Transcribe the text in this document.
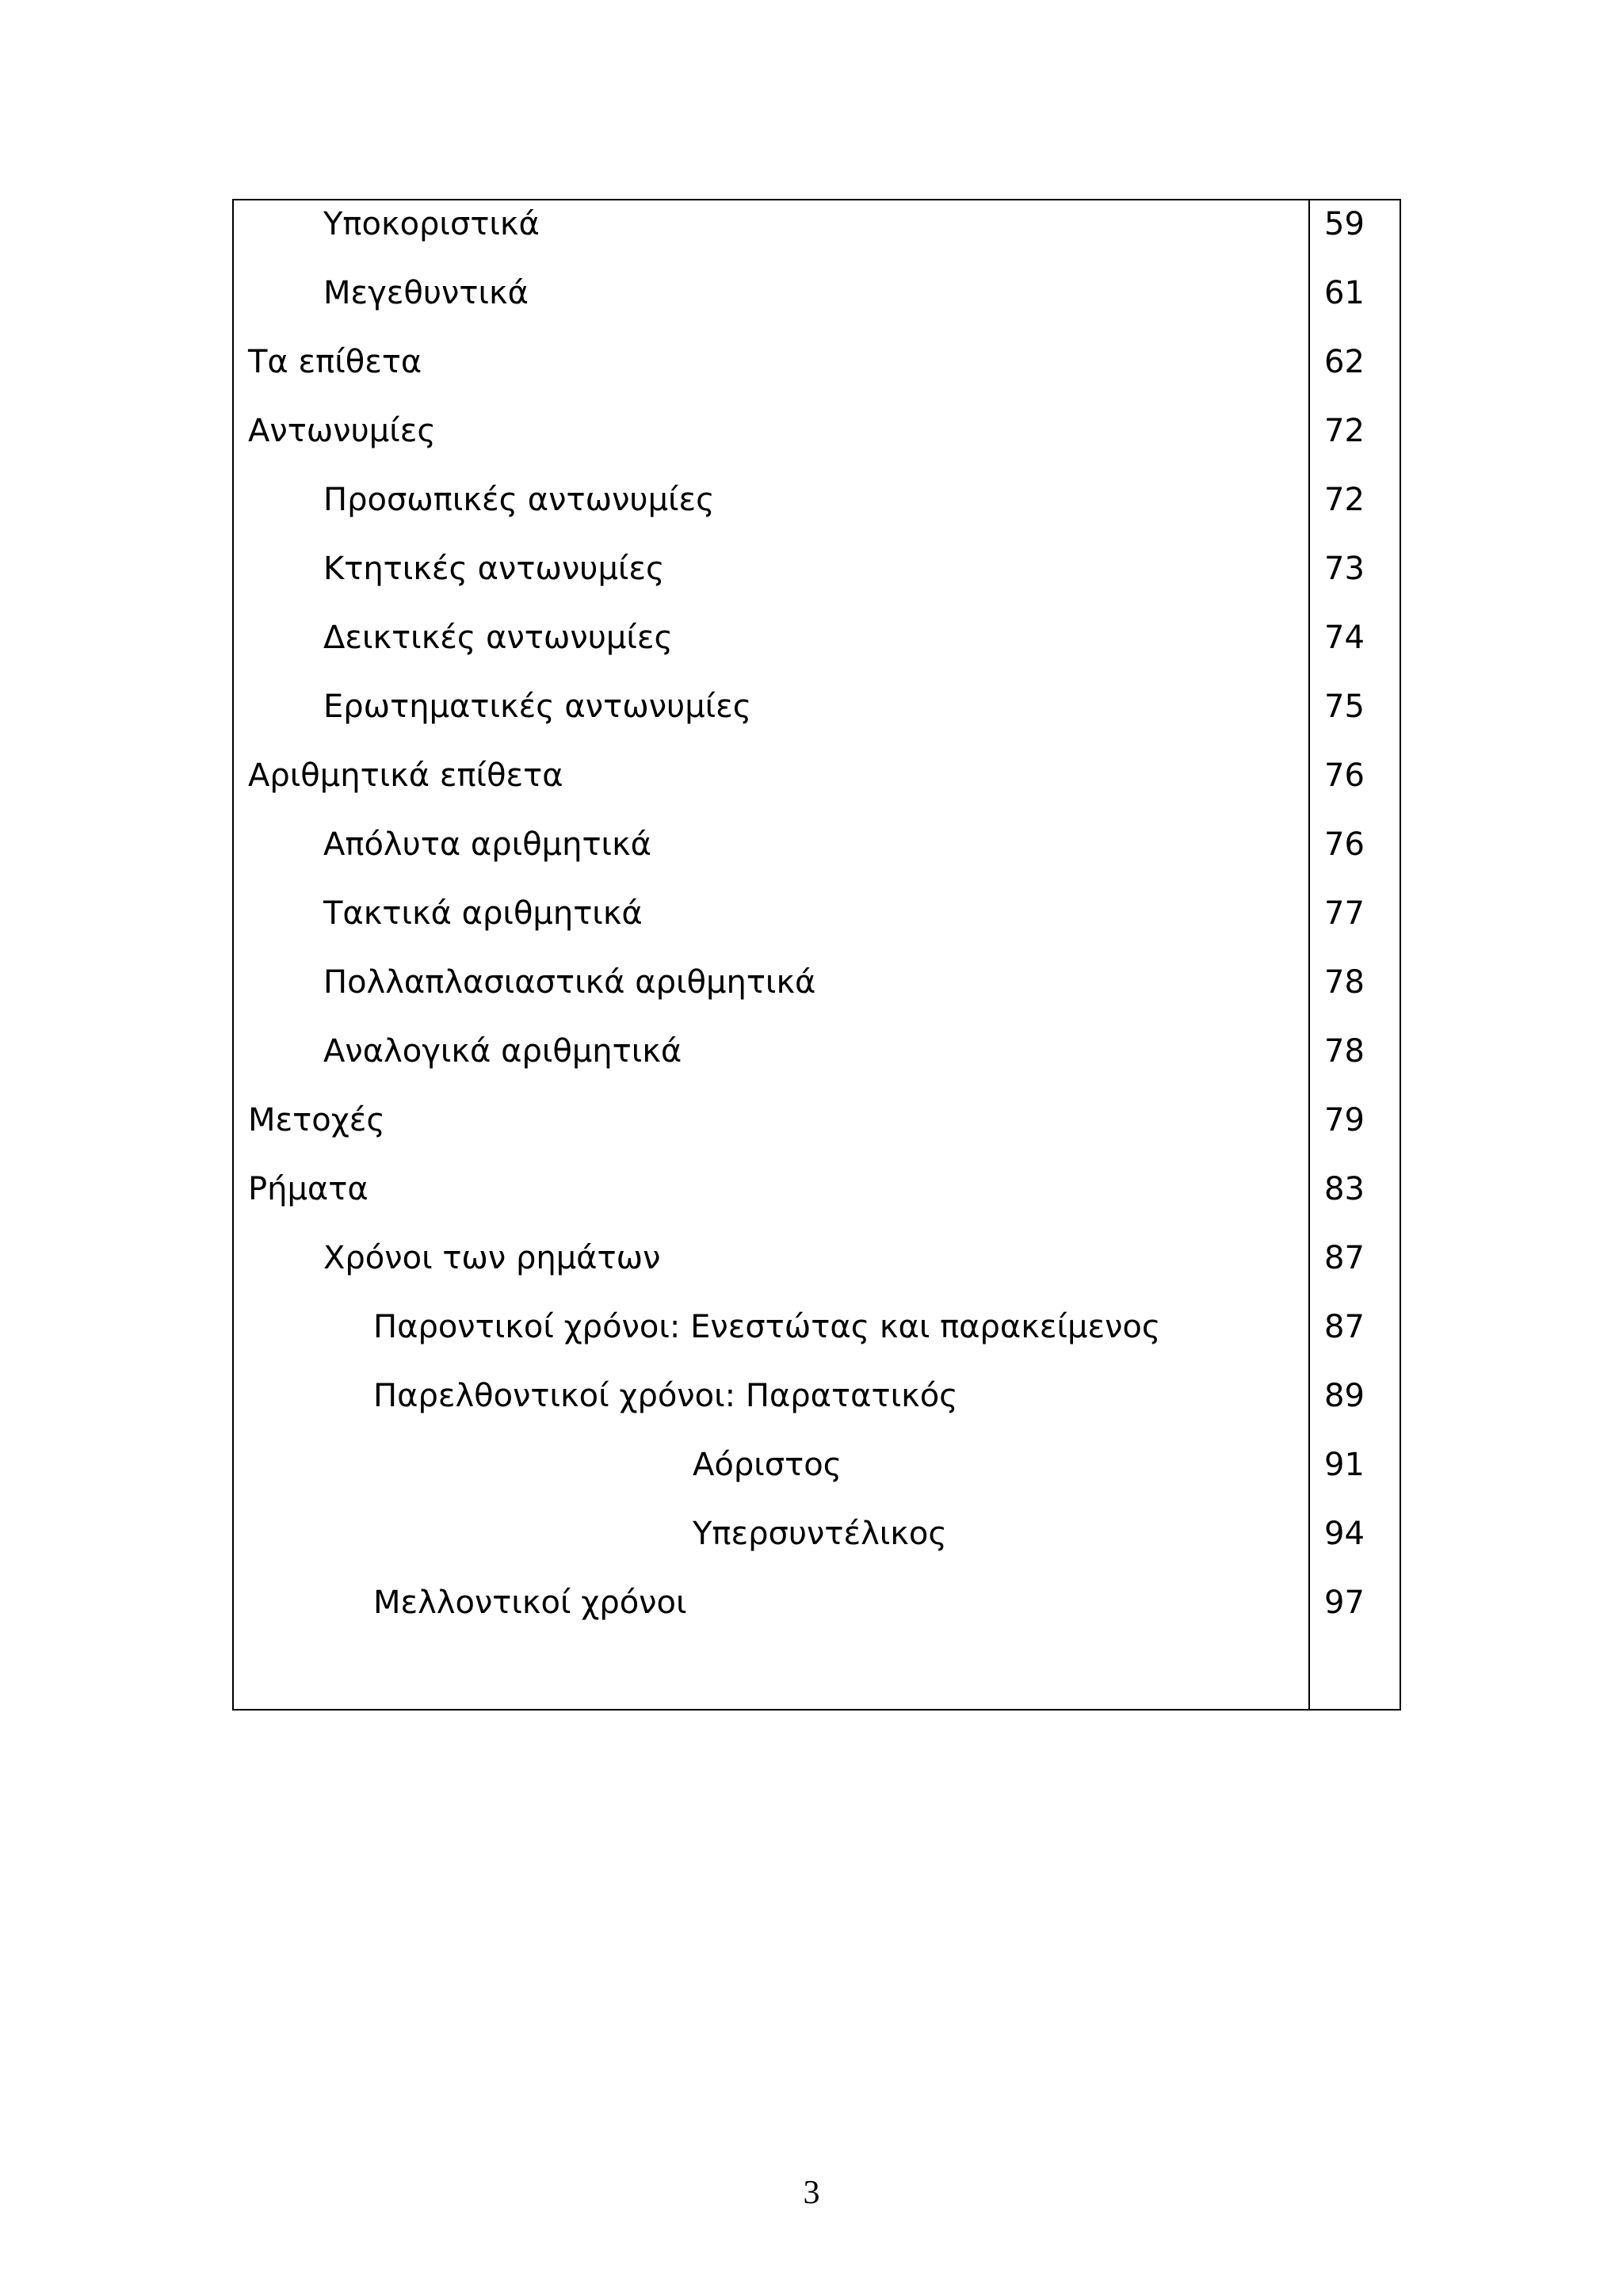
Υποκοριστικά	59
Μεγεθυντικά	61
Τα επίθετα	62
Αντωνυμίες	72
Προσωπικές αντωνυμίες	72
Κτητικές αντωνυμίες	73
Δεικτικές αντωνυμίες	74
Ερωτηματικές αντωνυμίες	75
Αριθμητικά επίθετα	76
Απόλυτα αριθμητικά	76
Τακτικά αριθμητικά	77
Πολλαπλασιαστικά αριθμητικά	78
Αναλογικά αριθμητικά	78
Μετοχές	79
Ρήματα	83
Χρόνοι των ρημάτων	87
Παροντικοί χρόνοι: Ενεστώτας και παρακείμενος	87
Παρελθοντικοί χρόνοι: Παρατατικός	89
Αόριστος	91
Υπερσυντέλικος	94
Μελλοντικοί χρόνοι	97
3
